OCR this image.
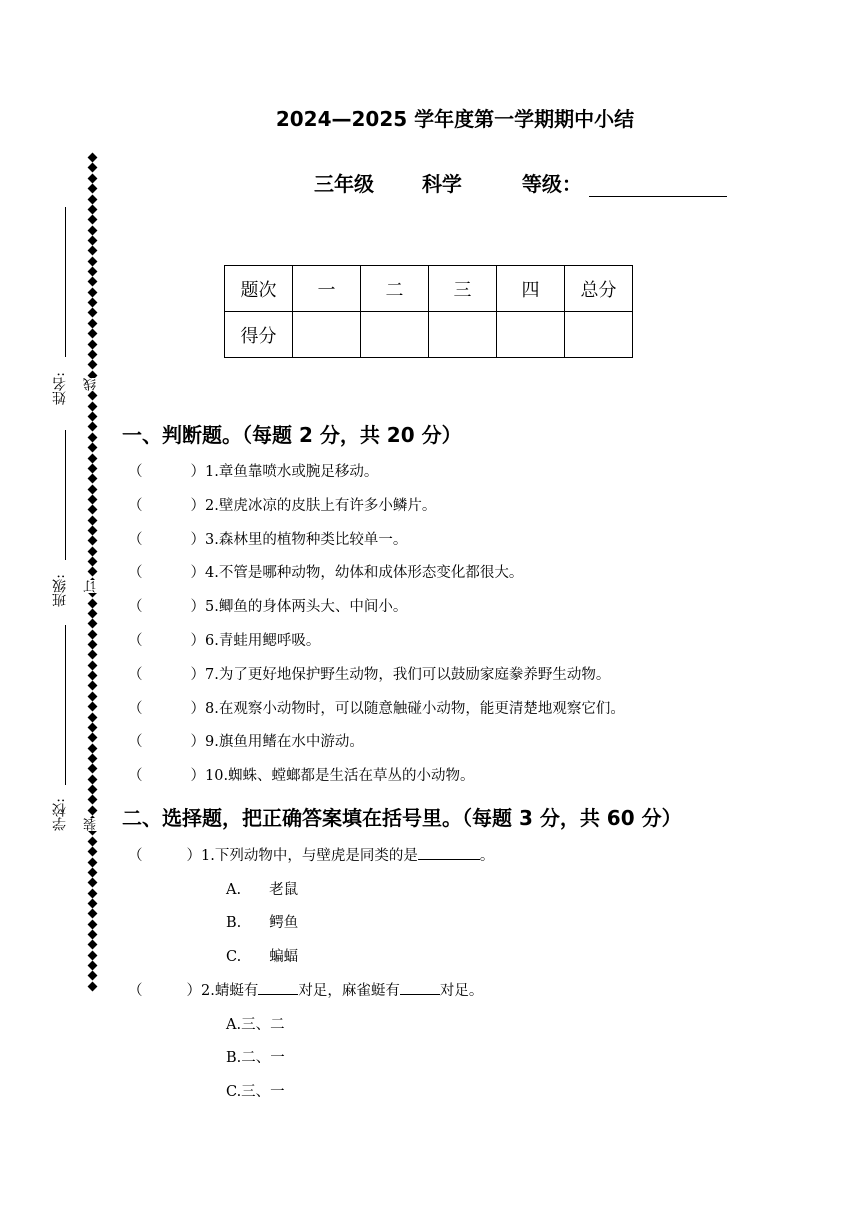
姓名:
班级:
学校:
线
订
装
2024—2025 学年度第一学期期中小结
三年级 科学	等级：
题次	一	二	三	四	总分
得分					
一、判断题。（每题 2 分，共 20 分）
（	）1.章鱼靠喷水或腕足移动。
（	）2.壁虎冰凉的皮肤上有许多小鳞片。
（	）3.森林里的植物种类比较单一。
（	）4.不管是哪种动物，幼体和成体形态变化都很大。
（	）5.鲫鱼的身体两头大、中间小。
（	）6.青蛙用鳃呼吸。
（	）7.为了更好地保护野生动物，我们可以鼓励家庭豢养野生动物。
（	）8.在观察小动物时，可以随意触碰小动物，能更清楚地观察它们。
（	）9.旗鱼用鳍在水中游动。
（	）10.蜘蛛、螳螂都是生活在草丛的小动物。
二、选择题，把正确答案填在括号里。（每题 3 分，共 60 分）
（	）1.下列动物中，与壁虎是同类的是	。
A. 老鼠
B. 鳄鱼
C. 蝙蝠
（	）2.蜻蜓有	对足，麻雀蜓有	对足。
A.三、二
B.二、一
C.三、一
